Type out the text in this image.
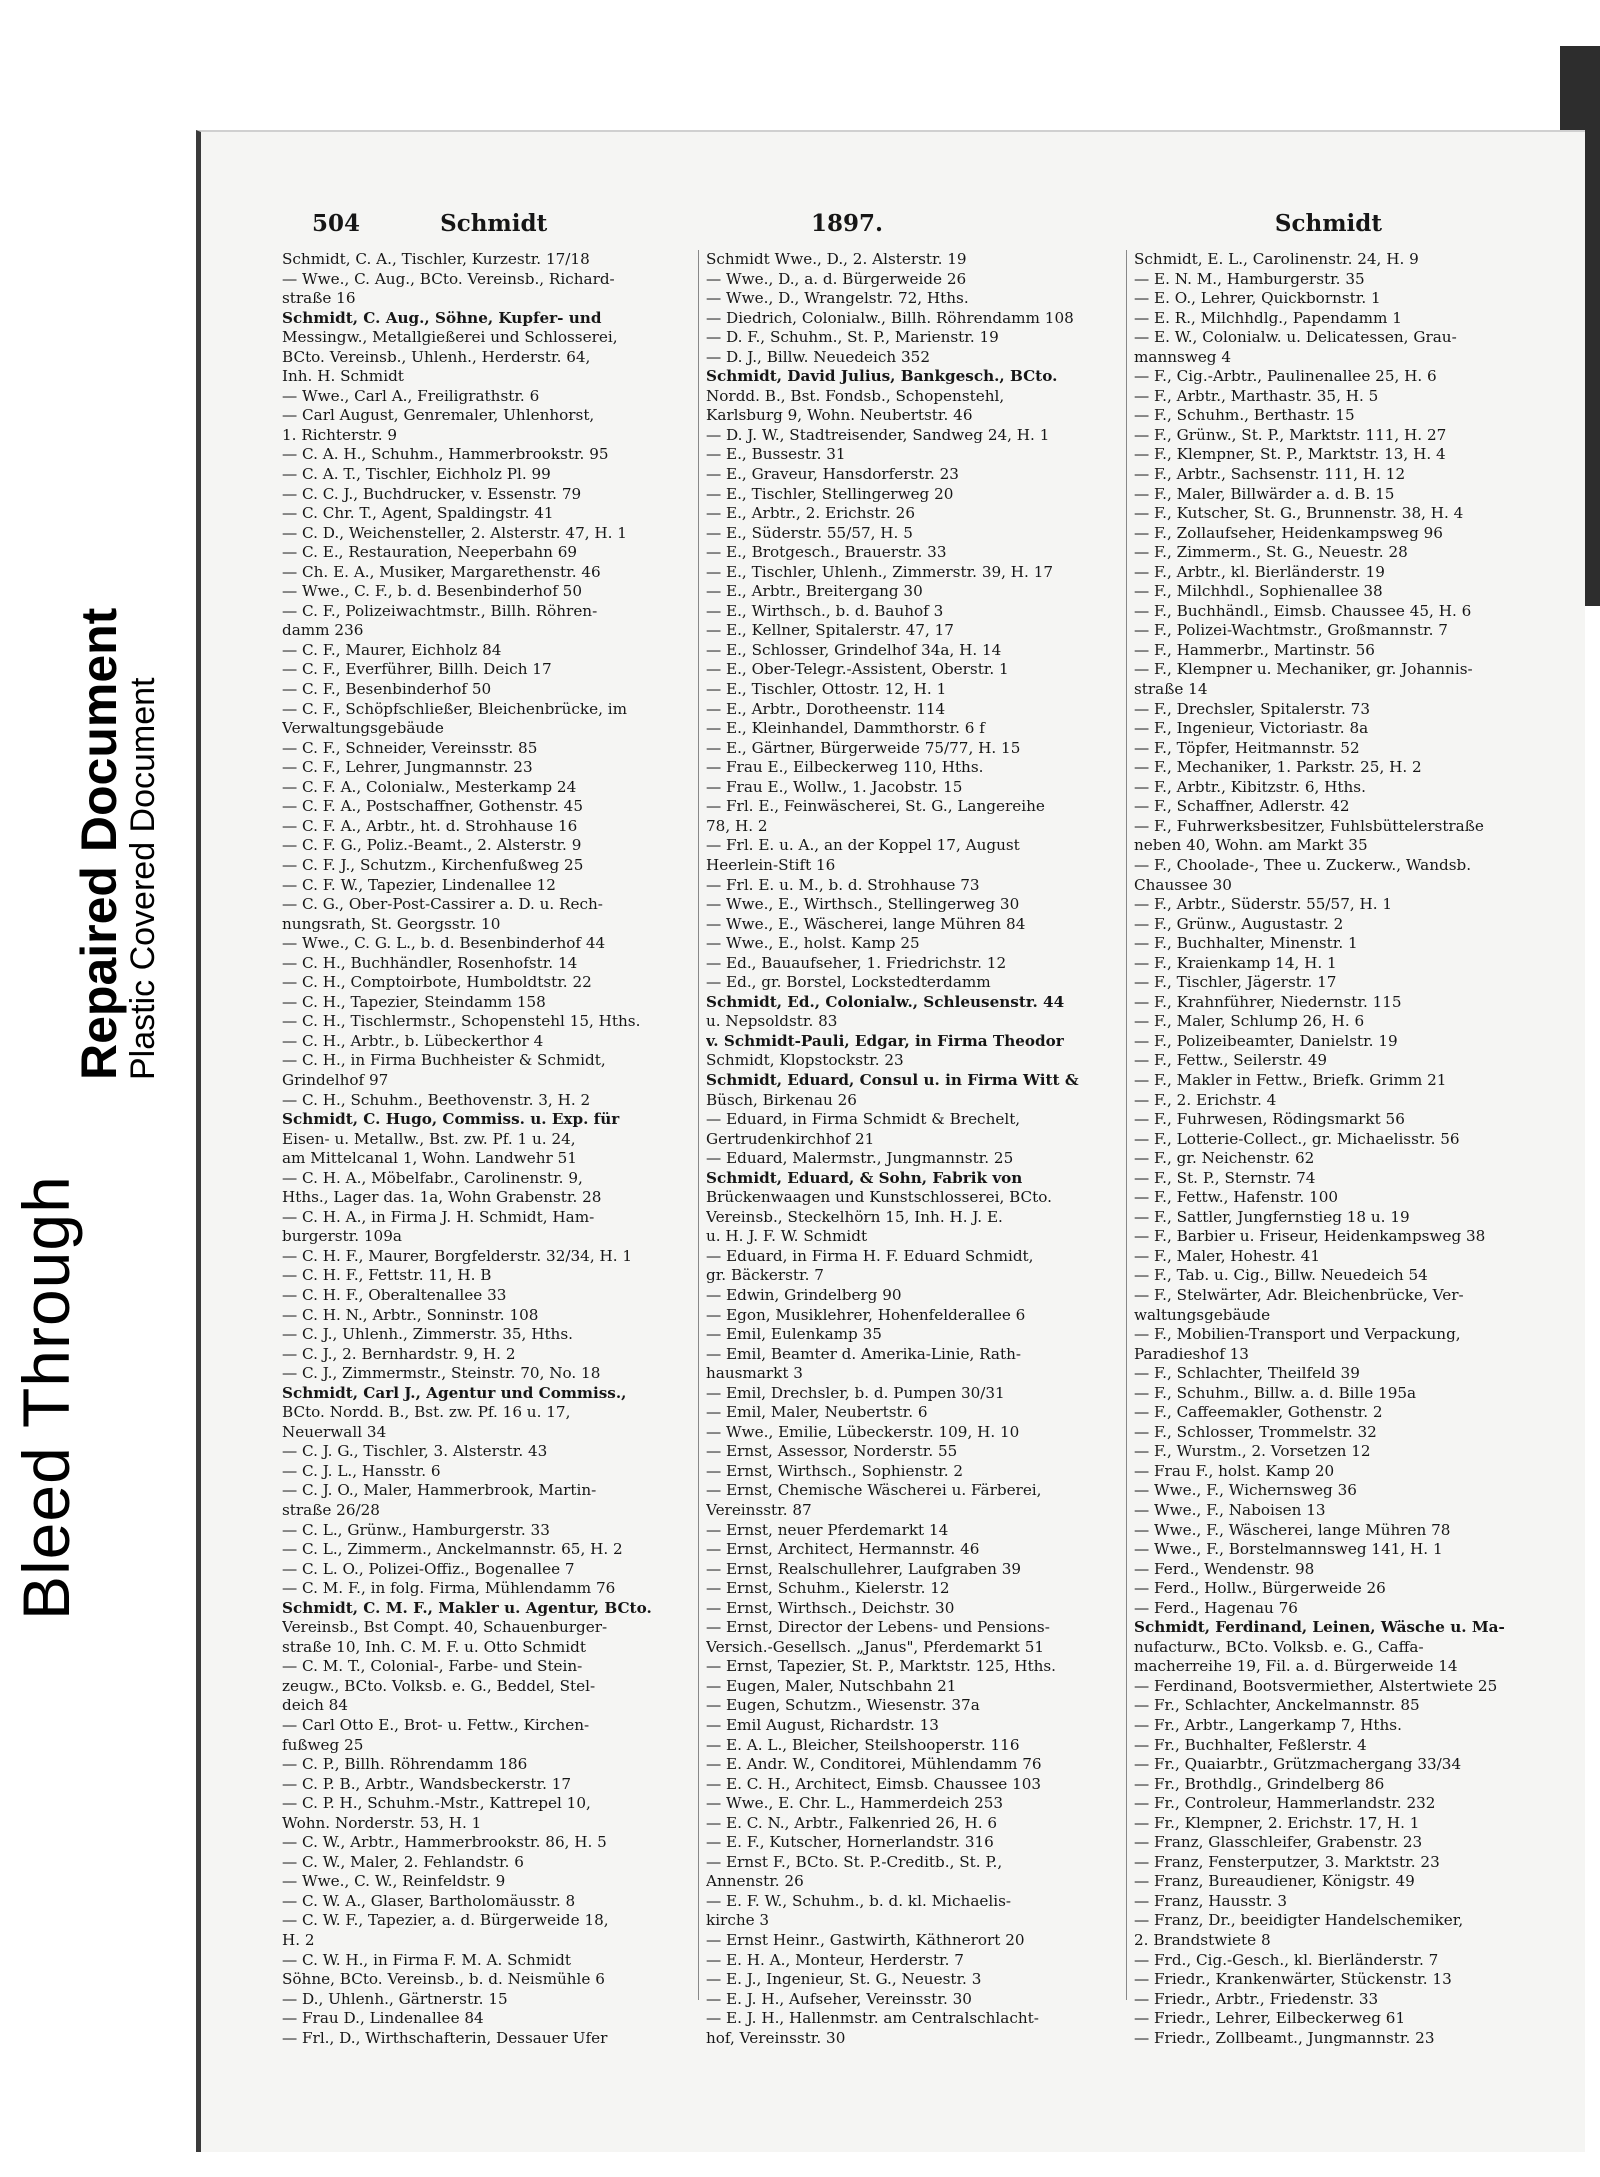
Bleed Through
Repaired Document
Plastic Covered Document
504	Schmidt	1897.	Schmidt
Schmidt, C. A., Tischler, Kurzestr. 17/18
— Wwe., C. Aug., BCto. Vereinsb., Richard-
straße 16
Schmidt, C. Aug., Söhne, Kupfer- und
Messingw., Metallgießerei und Schlosserei,
BCto. Vereinsb., Uhlenh., Herderstr. 64,
Inh. H. Schmidt
— Wwe., Carl A., Freiligrathstr. 6
— Carl August, Genremaler, Uhlenhorst,
1. Richterstr. 9
— C. A. H., Schuhm., Hammerbrookstr. 95
— C. A. T., Tischler, Eichholz Pl. 99
— C. C. J., Buchdrucker, v. Essenstr. 79
— C. Chr. T., Agent, Spaldingstr. 41
— C. D., Weichensteller, 2. Alsterstr. 47, H. 1
— C. E., Restauration, Neeperbahn 69
— Ch. E. A., Musiker, Margarethenstr. 46
— Wwe., C. F., b. d. Besenbinderhof 50
— C. F., Polizeiwachtmstr., Billh. Röhren-
damm 236
— C. F., Maurer, Eichholz 84
— C. F., Everführer, Billh. Deich 17
— C. F., Besenbinderhof 50
— C. F., Schöpfschließer, Bleichenbrücke, im
Verwaltungsgebäude
— C. F., Schneider, Vereinsstr. 85
— C. F., Lehrer, Jungmannstr. 23
— C. F. A., Colonialw., Mesterkamp 24
— C. F. A., Postschaffner, Gothenstr. 45
— C. F. A., Arbtr., ht. d. Strohhause 16
— C. F. G., Poliz.-Beamt., 2. Alsterstr. 9
— C. F. J., Schutzm., Kirchenfußweg 25
— C. F. W., Tapezier, Lindenallee 12
— C. G., Ober-Post-Cassirer a. D. u. Rech-
nungsrath, St. Georgsstr. 10
— Wwe., C. G. L., b. d. Besenbinderhof 44
— C. H., Buchhändler, Rosenhofstr. 14
— C. H., Comptoirbote, Humboldtstr. 22
— C. H., Tapezier, Steindamm 158
— C. H., Tischlermstr., Schopenstehl 15, Hths.
— C. H., Arbtr., b. Lübeckerthor 4
— C. H., in Firma Buchheister & Schmidt,
Grindelhof 97
— C. H., Schuhm., Beethovenstr. 3, H. 2
Schmidt, C. Hugo, Commiss. u. Exp. für
Eisen- u. Metallw., Bst. zw. Pf. 1 u. 24,
am Mittelcanal 1, Wohn. Landwehr 51
— C. H. A., Möbelfabr., Carolinenstr. 9,
Hths., Lager das. 1a, Wohn Grabenstr. 28
— C. H. A., in Firma J. H. Schmidt, Ham-
burgerstr. 109a
— C. H. F., Maurer, Borgfelderstr. 32/34, H. 1
— C. H. F., Fettstr. 11, H. B
— C. H. F., Oberaltenallee 33
— C. H. N., Arbtr., Sonninstr. 108
— C. J., Uhlenh., Zimmerstr. 35, Hths.
— C. J., 2. Bernhardstr. 9, H. 2
— C. J., Zimmermstr., Steinstr. 70, No. 18
Schmidt, Carl J., Agentur und Commiss.,
BCto. Nordd. B., Bst. zw. Pf. 16 u. 17,
Neuerwall 34
— C. J. G., Tischler, 3. Alsterstr. 43
— C. J. L., Hansstr. 6
— C. J. O., Maler, Hammerbrook, Martin-
straße 26/28
— C. L., Grünw., Hamburgerstr. 33
— C. L., Zimmerm., Anckelmannstr. 65, H. 2
— C. L. O., Polizei-Offiz., Bogenallee 7
— C. M. F., in folg. Firma, Mühlendamm 76
Schmidt, C. M. F., Makler u. Agentur, BCto.
Vereinsb., Bst Compt. 40, Schauenburger-
straße 10, Inh. C. M. F. u. Otto Schmidt
— C. M. T., Colonial-, Farbe- und Stein-
zeugw., BCto. Volksb. e. G., Beddel, Stel-
deich 84
— Carl Otto E., Brot- u. Fettw., Kirchen-
fußweg 25
— C. P., Billh. Röhrendamm 186
— C. P. B., Arbtr., Wandsbeckerstr. 17
— C. P. H., Schuhm.-Mstr., Kattrepel 10,
Wohn. Norderstr. 53, H. 1
— C. W., Arbtr., Hammerbrookstr. 86, H. 5
— C. W., Maler, 2. Fehlandstr. 6
— Wwe., C. W., Reinfeldstr. 9
— C. W. A., Glaser, Bartholomäusstr. 8
— C. W. F., Tapezier, a. d. Bürgerweide 18,
H. 2
— C. W. H., in Firma F. M. A. Schmidt
Söhne, BCto. Vereinsb., b. d. Neismühle 6
— D., Uhlenh., Gärtnerstr. 15
— Frau D., Lindenallee 84
— Frl., D., Wirthschafterin, Dessauer Ufer
Schmidt Wwe., D., 2. Alsterstr. 19
— Wwe., D., a. d. Bürgerweide 26
— Wwe., D., Wrangelstr. 72, Hths.
— Diedrich, Colonialw., Billh. Röhrendamm 108
— D. F., Schuhm., St. P., Marienstr. 19
— D. J., Billw. Neuedeich 352
Schmidt, David Julius, Bankgesch., BCto.
Nordd. B., Bst. Fondsb., Schopenstehl,
Karlsburg 9, Wohn. Neubertstr. 46
— D. J. W., Stadtreisender, Sandweg 24, H. 1
— E., Bussestr. 31
— E., Graveur, Hansdorferstr. 23
— E., Tischler, Stellingerweg 20
— E., Arbtr., 2. Erichstr. 26
— E., Süderstr. 55/57, H. 5
— E., Brotgesch., Brauerstr. 33
— E., Tischler, Uhlenh., Zimmerstr. 39, H. 17
— E., Arbtr., Breitergang 30
— E., Wirthsch., b. d. Bauhof 3
— E., Kellner, Spitalerstr. 47, 17
— E., Schlosser, Grindelhof 34a, H. 14
— E., Ober-Telegr.-Assistent, Oberstr. 1
— E., Tischler, Ottostr. 12, H. 1
— E., Arbtr., Dorotheenstr. 114
— E., Kleinhandel, Dammthorstr. 6 f
— E., Gärtner, Bürgerweide 75/77, H. 15
— Frau E., Eilbeckerweg 110, Hths.
— Frau E., Wollw., 1. Jacobstr. 15
— Frl. E., Feinwäscherei, St. G., Langereihe
78, H. 2
— Frl. E. u. A., an der Koppel 17, August
Heerlein-Stift 16
— Frl. E. u. M., b. d. Strohhause 73
— Wwe., E., Wirthsch., Stellingerweg 30
— Wwe., E., Wäscherei, lange Mühren 84
— Wwe., E., holst. Kamp 25
— Ed., Bauaufseher, 1. Friedrichstr. 12
— Ed., gr. Borstel, Lockstedterdamm
Schmidt, Ed., Colonialw., Schleusenstr. 44
u. Nepsoldstr. 83
v. Schmidt-Pauli, Edgar, in Firma Theodor
Schmidt, Klopstockstr. 23
Schmidt, Eduard, Consul u. in Firma Witt &
Büsch, Birkenau 26
— Eduard, in Firma Schmidt & Brechelt,
Gertrudenkirchhof 21
— Eduard, Malermstr., Jungmannstr. 25
Schmidt, Eduard, & Sohn, Fabrik von
Brückenwaagen und Kunstschlosserei, BCto.
Vereinsb., Steckelhörn 15, Inh. H. J. E.
u. H. J. F. W. Schmidt
— Eduard, in Firma H. F. Eduard Schmidt,
gr. Bäckerstr. 7
— Edwin, Grindelberg 90
— Egon, Musiklehrer, Hohenfelderallee 6
— Emil, Eulenkamp 35
— Emil, Beamter d. Amerika-Linie, Rath-
hausmarkt 3
— Emil, Drechsler, b. d. Pumpen 30/31
— Emil, Maler, Neubertstr. 6
— Wwe., Emilie, Lübeckerstr. 109, H. 10
— Ernst, Assessor, Norderstr. 55
— Ernst, Wirthsch., Sophienstr. 2
— Ernst, Chemische Wäscherei u. Färberei,
Vereinsstr. 87
— Ernst, neuer Pferdemarkt 14
— Ernst, Architect, Hermannstr. 46
— Ernst, Realschullehrer, Laufgraben 39
— Ernst, Schuhm., Kielerstr. 12
— Ernst, Wirthsch., Deichstr. 30
— Ernst, Director der Lebens- und Pensions-
Versich.-Gesellsch. „Janus", Pferdemarkt 51
— Ernst, Tapezier, St. P., Marktstr. 125, Hths.
— Eugen, Maler, Nutschbahn 21
— Eugen, Schutzm., Wiesenstr. 37a
— Emil August, Richardstr. 13
— E. A. L., Bleicher, Steilshooperstr. 116
— E. Andr. W., Conditorei, Mühlendamm 76
— E. C. H., Architect, Eimsb. Chaussee 103
— Wwe., E. Chr. L., Hammerdeich 253
— E. C. N., Arbtr., Falkenried 26, H. 6
— E. F., Kutscher, Hornerlandstr. 316
— Ernst F., BCto. St. P.-Creditb., St. P.,
Annenstr. 26
— E. F. W., Schuhm., b. d. kl. Michaelis-
kirche 3
— Ernst Heinr., Gastwirth, Käthnerort 20
— E. H. A., Monteur, Herderstr. 7
— E. J., Ingenieur, St. G., Neuestr. 3
— E. J. H., Aufseher, Vereinsstr. 30
— E. J. H., Hallenmstr. am Centralschlacht-
hof, Vereinsstr. 30
Schmidt, E. L., Carolinenstr. 24, H. 9
— E. N. M., Hamburgerstr. 35
— E. O., Lehrer, Quickbornstr. 1
— E. R., Milchhdlg., Papendamm 1
— E. W., Colonialw. u. Delicatessen, Grau-
mannsweg 4
— F., Cig.-Arbtr., Paulinenallee 25, H. 6
— F., Arbtr., Marthastr. 35, H. 5
— F., Schuhm., Berthastr. 15
— F., Grünw., St. P., Marktstr. 111, H. 27
— F., Klempner, St. P., Marktstr. 13, H. 4
— F., Arbtr., Sachsenstr. 111, H. 12
— F., Maler, Billwärder a. d. B. 15
— F., Kutscher, St. G., Brunnenstr. 38, H. 4
— F., Zollaufseher, Heidenkampsweg 96
— F., Zimmerm., St. G., Neuestr. 28
— F., Arbtr., kl. Bierländerstr. 19
— F., Milchhdl., Sophienallee 38
— F., Buchhändl., Eimsb. Chaussee 45, H. 6
— F., Polizei-Wachtmstr., Großmannstr. 7
— F., Hammerbr., Martinstr. 56
— F., Klempner u. Mechaniker, gr. Johannis-
straße 14
— F., Drechsler, Spitalerstr. 73
— F., Ingenieur, Victoriastr. 8a
— F., Töpfer, Heitmannstr. 52
— F., Mechaniker, 1. Parkstr. 25, H. 2
— F., Arbtr., Kibitzstr. 6, Hths.
— F., Schaffner, Adlerstr. 42
— F., Fuhrwerksbesitzer, Fuhlsbüttelerstraße
neben 40, Wohn. am Markt 35
— F., Choolade-, Thee u. Zuckerw., Wandsb.
Chaussee 30
— F., Arbtr., Süderstr. 55/57, H. 1
— F., Grünw., Augustastr. 2
— F., Buchhalter, Minenstr. 1
— F., Kraienkamp 14, H. 1
— F., Tischler, Jägerstr. 17
— F., Krahnführer, Niedernstr. 115
— F., Maler, Schlump 26, H. 6
— F., Polizeibeamter, Danielstr. 19
— F., Fettw., Seilerstr. 49
— F., Makler in Fettw., Briefk. Grimm 21
— F., 2. Erichstr. 4
— F., Fuhrwesen, Rödingsmarkt 56
— F., Lotterie-Collect., gr. Michaelisstr. 56
— F., gr. Neichenstr. 62
— F., St. P., Sternstr. 74
— F., Fettw., Hafenstr. 100
— F., Sattler, Jungfernstieg 18 u. 19
— F., Barbier u. Friseur, Heidenkampsweg 38
— F., Maler, Hohestr. 41
— F., Tab. u. Cig., Billw. Neuedeich 54
— F., Stelwärter, Adr. Bleichenbrücke, Ver-
waltungsgebäude
— F., Mobilien-Transport und Verpackung,
Paradieshof 13
— F., Schlachter, Theilfeld 39
— F., Schuhm., Billw. a. d. Bille 195a
— F., Caffeemakler, Gothenstr. 2
— F., Schlosser, Trommelstr. 32
— F., Wurstm., 2. Vorsetzen 12
— Frau F., holst. Kamp 20
— Wwe., F., Wichernsweg 36
— Wwe., F., Naboisen 13
— Wwe., F., Wäscherei, lange Mühren 78
— Wwe., F., Borstelmannsweg 141, H. 1
— Ferd., Wendenstr. 98
— Ferd., Hollw., Bürgerweide 26
— Ferd., Hagenau 76
Schmidt, Ferdinand, Leinen, Wäsche u. Ma-
nufacturw., BCto. Volksb. e. G., Caffa-
macherreihe 19, Fil. a. d. Bürgerweide 14
— Ferdinand, Bootsvermiether, Alstertwiete 25
— Fr., Schlachter, Anckelmannstr. 85
— Fr., Arbtr., Langerkamp 7, Hths.
— Fr., Buchhalter, Feßlerstr. 4
— Fr., Quaiarbtr., Grützmachergang 33/34
— Fr., Brothdlg., Grindelberg 86
— Fr., Controleur, Hammerlandstr. 232
— Fr., Klempner, 2. Erichstr. 17, H. 1
— Franz, Glasschleifer, Grabenstr. 23
— Franz, Fensterputzer, 3. Marktstr. 23
— Franz, Bureaudiener, Königstr. 49
— Franz, Hausstr. 3
— Franz, Dr., beeidigter Handelschemiker,
2. Brandstwiete 8
— Frd., Cig.-Gesch., kl. Bierländerstr. 7
— Friedr., Krankenwärter, Stückenstr. 13
— Friedr., Arbtr., Friedenstr. 33
— Friedr., Lehrer, Eilbeckerweg 61
— Friedr., Zollbeamt., Jungmannstr. 23
